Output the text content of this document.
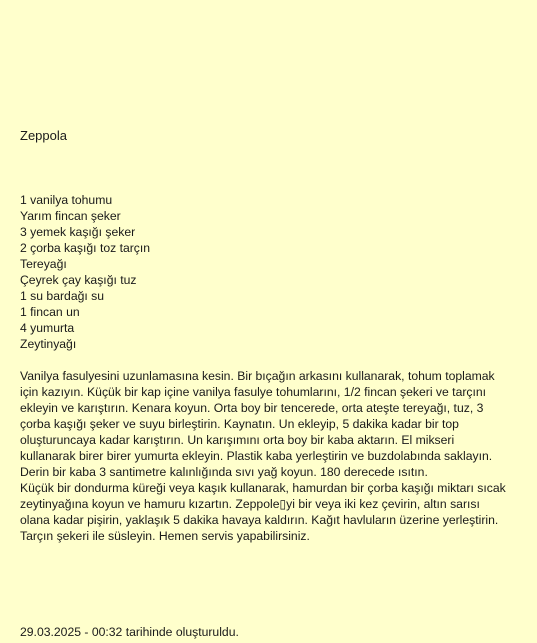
Zeppola
1 vanilya tohumu
Yarım fincan şeker
3 yemek kaşığı şeker
2 çorba kaşığı toz tarçın
Tereyağı
Çeyrek çay kaşığı tuz
1 su bardağı su
1 fincan un
4 yumurta
Zeytinyağı

Vanilya fasulyesini uzunlamasına kesin. Bir bıçağın arkasını kullanarak, tohum toplamak için kazıyın. Küçük bir kap içine vanilya fasulye tohumlarını, 1/2 fincan şekeri ve tarçını ekleyin ve karıştırın. Kenara koyun. Orta boy bir tencerede, orta ateşte tereyağı, tuz, 3 çorba kaşığı şeker ve suyu birleştirin. Kaynatın. Un ekleyip, 5 dakika kadar bir top oluşturuncaya kadar karıştırın. Un karışımını orta boy bir kaba aktarın. El mikseri kullanarak birer birer yumurta ekleyin. Plastik kaba yerleştirin ve buzdolabında saklayın.

Derin bir kaba 3 santimetre kalınlığında sıvı yağ koyun. 180 derecede ısıtın.

Küçük bir dondurma küreği veya kaşık kullanarak, hamurdan bir çorba kaşığı miktarı sıcak zeytinyağına koyun ve hamuru kızartın. Zeppole▯yi bir veya iki kez çevirin, altın sarısı olana kadar pişirin, yaklaşık 5 dakika havaya kaldırın. Kağıt havluların üzerine yerleştirin.

Tarçın şekeri ile süsleyin. Hemen servis yapabilirsiniz.

29.03.2025 - 00:32 tarihinde oluşturuldu.
